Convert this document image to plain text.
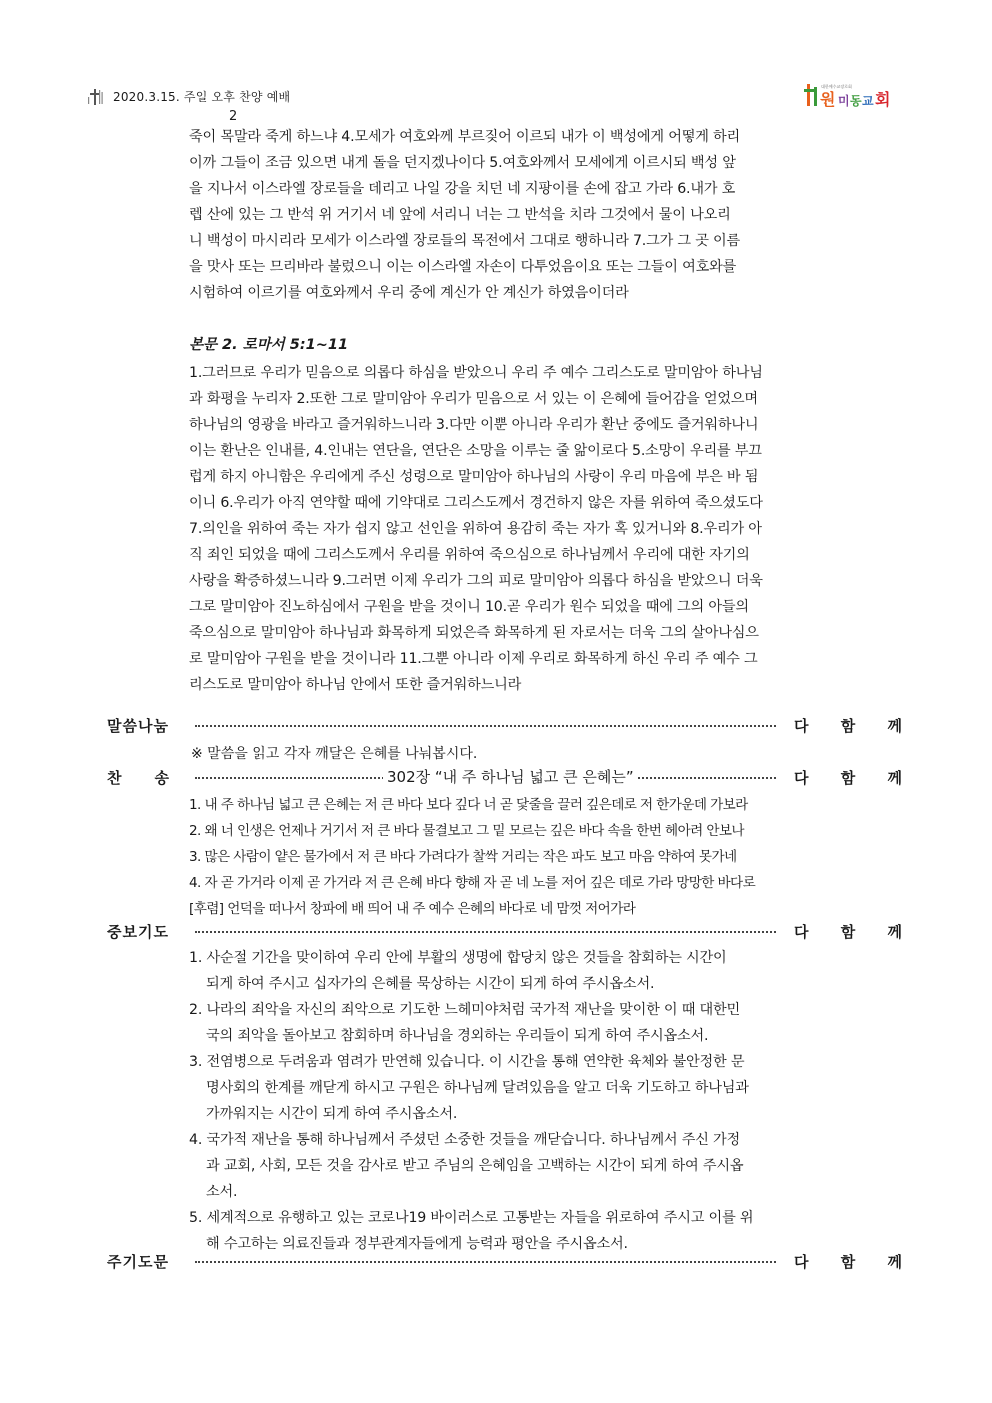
2020.3.15. 주일 오후 찬양 예배
대한예수교장로회
원 미 동 교 회
2
죽이 목말라 죽게 하느냐 4.모세가 여호와께 부르짖어 이르되 내가 이 백성에게 어떻게 하리
이까 그들이 조금 있으면 내게 돌을 던지겠나이다 5.여호와께서 모세에게 이르시되 백성 앞
을 지나서 이스라엘 장로들을 데리고 나일 강을 치던 네 지팡이를 손에 잡고 가라 6.내가 호
렙 산에 있는 그 반석 위 거기서 네 앞에 서리니 너는 그 반석을 치라 그것에서 물이 나오리
니 백성이 마시리라 모세가 이스라엘 장로들의 목전에서 그대로 행하니라 7.그가 그 곳 이름
을 맛사 또는 므리바라 불렀으니 이는 이스라엘 자손이 다투었음이요 또는 그들이 여호와를
시험하여 이르기를 여호와께서 우리 중에 계신가 안 계신가 하였음이더라
본문 2. 로마서 5:1~11
1.그러므로 우리가 믿음으로 의롭다 하심을 받았으니 우리 주 예수 그리스도로 말미암아 하나님
과 화평을 누리자 2.또한 그로 말미암아 우리가 믿음으로 서 있는 이 은혜에 들어감을 얻었으며
하나님의 영광을 바라고 즐거워하느니라 3.다만 이뿐 아니라 우리가 환난 중에도 즐거워하나니
이는 환난은 인내를, 4.인내는 연단을, 연단은 소망을 이루는 줄 앎이로다 5.소망이 우리를 부끄
럽게 하지 아니함은 우리에게 주신 성령으로 말미암아 하나님의 사랑이 우리 마음에 부은 바 됨
이니 6.우리가 아직 연약할 때에 기약대로 그리스도께서 경건하지 않은 자를 위하여 죽으셨도다
7.의인을 위하여 죽는 자가 쉽지 않고 선인을 위하여 용감히 죽는 자가 혹 있거니와 8.우리가 아
직 죄인 되었을 때에 그리스도께서 우리를 위하여 죽으심으로 하나님께서 우리에 대한 자기의
사랑을 확증하셨느니라 9.그러면 이제 우리가 그의 피로 말미암아 의롭다 하심을 받았으니 더욱
그로 말미암아 진노하심에서 구원을 받을 것이니 10.곧 우리가 원수 되었을 때에 그의 아들의
죽으심으로 말미암아 하나님과 화목하게 되었은즉 화목하게 된 자로서는 더욱 그의 살아나심으
로 말미암아 구원을 받을 것이니라 11.그뿐 아니라 이제 우리로 화목하게 하신 우리 주 예수 그
리스도로 말미암아 하나님 안에서 또한 즐거워하느니라
말씀나눔	다 함 께
※ 말씀을 읽고 각자 깨달은 은혜를 나눠봅시다.
찬　　송	302장 “내 주 하나님 넓고 큰 은혜는”	다 함 께
1. 내 주 하나님 넓고 큰 은혜는 저 큰 바다 보다 깊다 너 곧 닻줄을 끌러 깊은데로 저 한가운데 가보라
2. 왜 너 인생은 언제나 거기서 저 큰 바다 물결보고 그 밑 모르는 깊은 바다 속을 한번 헤아려 안보나
3. 많은 사람이 얕은 물가에서 저 큰 바다 가려다가 찰싹 거리는 작은 파도 보고 마음 약하여 못가네
4. 자 곧 가거라 이제 곧 가거라 저 큰 은혜 바다 향해 자 곧 네 노를 저어 깊은 데로 가라 망망한 바다로
[후렴] 언덕을 떠나서 창파에 배 띄어 내 주 예수 은혜의 바다로 네 맘껏 저어가라
중보기도	다 함 께
1. 사순절 기간을 맞이하여 우리 안에 부활의 생명에 합당치 않은 것들을 참회하는 시간이
되게 하여 주시고 십자가의 은혜를 묵상하는 시간이 되게 하여 주시옵소서.
2. 나라의 죄악을 자신의 죄악으로 기도한 느헤미야처럼 국가적 재난을 맞이한 이 때 대한민
국의 죄악을 돌아보고 참회하며 하나님을 경외하는 우리들이 되게 하여 주시옵소서.
3. 전염병으로 두려움과 염려가 만연해 있습니다. 이 시간을 통해 연약한 육체와 불안정한 문
명사회의 한계를 깨닫게 하시고 구원은 하나님께 달려있음을 알고 더욱 기도하고 하나님과
가까워지는 시간이 되게 하여 주시옵소서.
4. 국가적 재난을 통해 하나님께서 주셨던 소중한 것들을 깨닫습니다. 하나님께서 주신 가정
과 교회, 사회, 모든 것을 감사로 받고 주님의 은혜임을 고백하는 시간이 되게 하여 주시옵
소서.
5. 세계적으로 유행하고 있는 코로나19 바이러스로 고통받는 자들을 위로하여 주시고 이를 위
해 수고하는 의료진들과 정부관계자들에게 능력과 평안을 주시옵소서.
주기도문	다 함 께
